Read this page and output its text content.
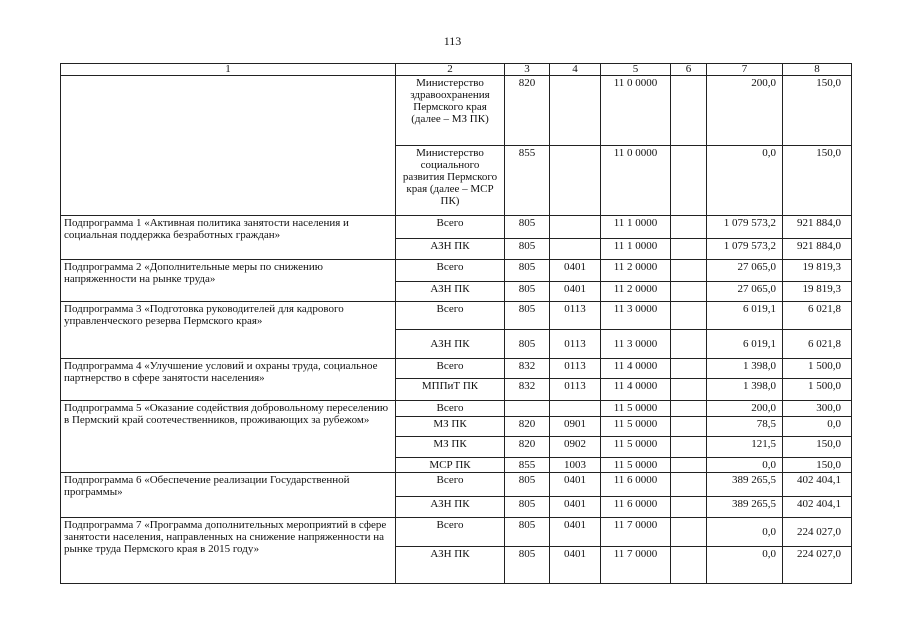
113
1	2	3	4	5	6	7	8
	Министерство здравоохранения Пермского края (далее – МЗ ПК)	820		11 0 0000		200,0	150,0
	Министерство социального развития Пермского края (далее – МСР ПК)	855		11 0 0000		0,0	150,0
Подпрограмма 1 «Активная политика занятости населения и социальная поддержка безработных граждан»	Всего	805		11 1 0000		1 079 573,2	921 884,0
	АЗН ПК	805		11 1 0000		1 079 573,2	921 884,0
Подпрограмма 2 «Дополнительные меры по снижению напряженности на рынке труда»	Всего	805	0401	11 2 0000		27 065,0	19 819,3
	АЗН ПК	805	0401	11 2 0000		27 065,0	19 819,3
Подпрограмма 3 «Подготовка руководителей для кадрового управленческого резерва Пермского края»	Всего	805	0113	11 3 0000		6 019,1	6 021,8
	АЗН ПК	805	0113	11 3 0000		6 019,1	6 021,8
Подпрограмма 4 «Улучшение условий и охраны труда, социальное партнерство в сфере занятости населения»	Всего	832	0113	11 4 0000		1 398,0	1 500,0
	МППиТ ПК	832	0113	11 4 0000		1 398,0	1 500,0
Подпрограмма 5 «Оказание содействия добровольному переселению в Пермский край соотечественников, проживающих за рубежом»	Всего			11 5 0000		200,0	300,0
	МЗ ПК	820	0901	11 5 0000		78,5	0,0
	МЗ ПК	820	0902	11 5 0000		121,5	150,0
	МСР ПК	855	1003	11 5 0000		0,0	150,0
Подпрограмма 6 «Обеспечение реализации Государственной программы»	Всего	805	0401	11 6 0000		389 265,5	402 404,1
	АЗН ПК	805	0401	11 6 0000		389 265,5	402 404,1
Подпрограмма 7 «Программа дополнительных мероприятий в сфере занятости населения, направленных на снижение напряженности на рынке труда Пермского края в 2015 году»	Всего	805	0401	11 7 0000		0,0	224 027,0
	АЗН ПК	805	0401	11 7 0000		0,0	224 027,0
